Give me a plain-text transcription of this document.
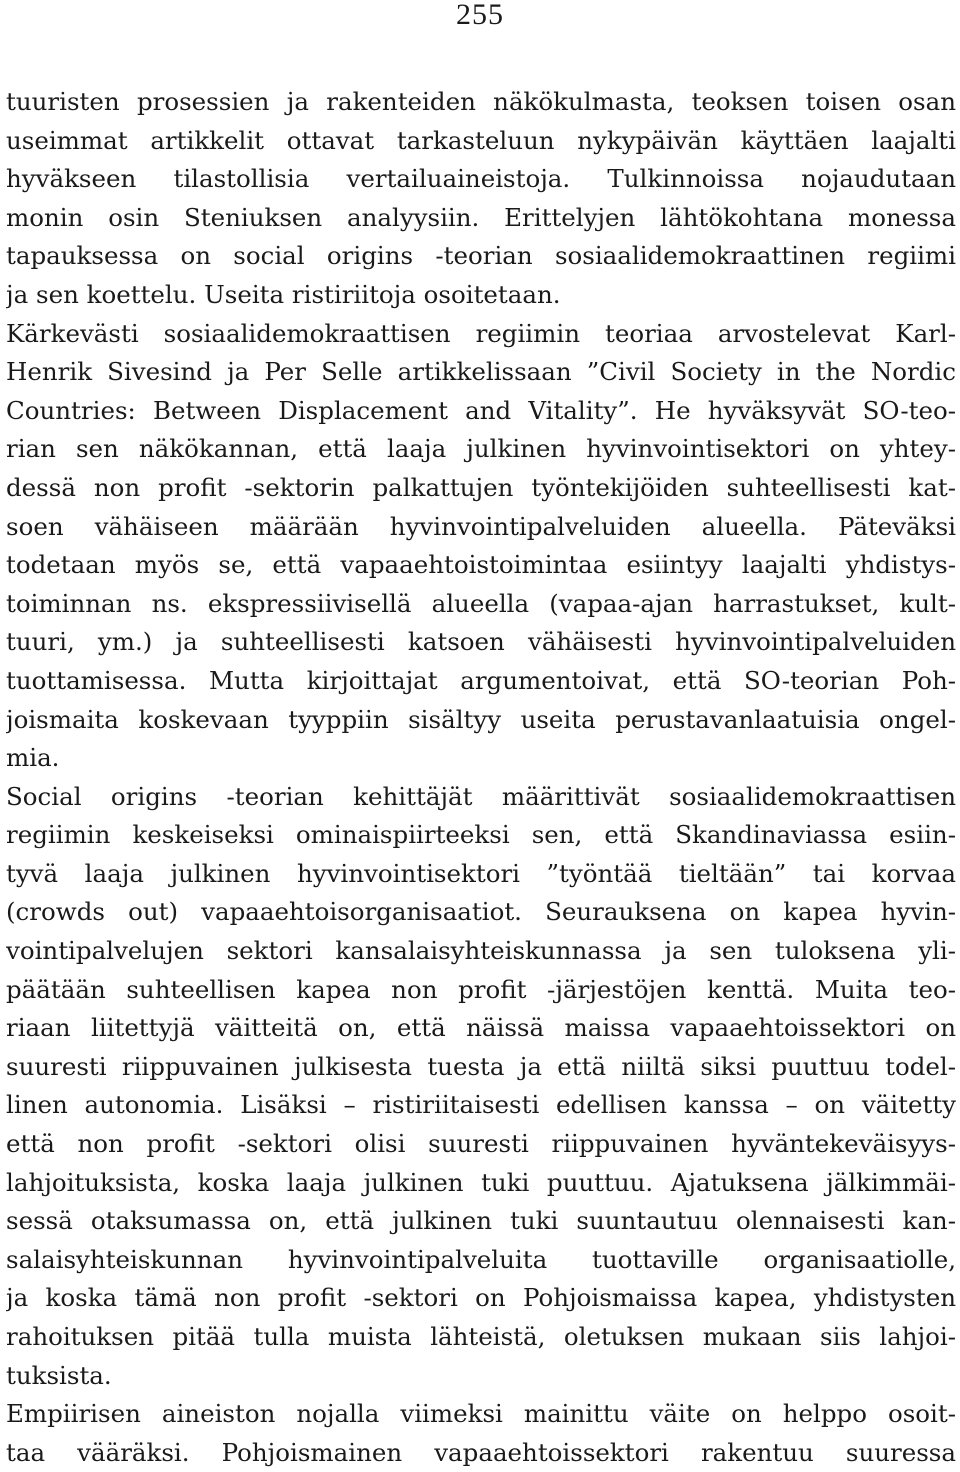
255
tuuristen prosessien ja rakenteiden näkökulmasta, teoksen toisen osan
useimmat artikkelit ottavat tarkasteluun nykypäivän käyttäen laajalti
hyväkseen tilastollisia vertailuaineistoja. Tulkinnoissa nojaudutaan
monin osin Steniuksen analyysiin. Erittelyjen lähtökohtana monessa
tapauksessa on social origins -teorian sosiaalidemokraattinen regiimi
ja sen koettelu. Useita ristiriitoja osoitetaan.
Kärkevästi sosiaalidemokraattisen regiimin teoriaa arvostelevat Karl-
Henrik Sivesind ja Per Selle artikkelissaan ”Civil Society in the Nordic
Countries: Between Displacement and Vitality”. He hyväksyvät SO-teo-
rian sen näkökannan, että laaja julkinen hyvinvointisektori on yhtey-
dessä non profit -sektorin palkattujen työntekijöiden suhteellisesti kat-
soen vähäiseen määrään hyvinvointipalveluiden alueella. Päteväksi
todetaan myös se, että vapaaehtoistoimintaa esiintyy laajalti yhdistys-
toiminnan ns. ekspressiivisellä alueella (vapaa-ajan harrastukset, kult-
tuuri, ym.) ja suhteellisesti katsoen vähäisesti hyvinvointipalveluiden
tuottamisessa. Mutta kirjoittajat argumentoivat, että SO-teorian Poh-
joismaita koskevaan tyyppiin sisältyy useita perustavanlaatuisia ongel-
mia.
Social origins -teorian kehittäjät määrittivät sosiaalidemokraattisen
regiimin keskeiseksi ominaispiirteeksi sen, että Skandinaviassa esiin-
tyvä laaja julkinen hyvinvointisektori ”työntää tieltään” tai korvaa
(crowds out) vapaaehtoisorganisaatiot. Seurauksena on kapea hyvin-
vointipalvelujen sektori kansalaisyhteiskunnassa ja sen tuloksena yli-
päätään suhteellisen kapea non profit -järjestöjen kenttä. Muita teo-
riaan liitettyjä väitteitä on, että näissä maissa vapaaehtoissektori on
suuresti riippuvainen julkisesta tuesta ja että niiltä siksi puuttuu todel-
linen autonomia. Lisäksi – ristiriitaisesti edellisen kanssa – on väitetty
että non profit -sektori olisi suuresti riippuvainen hyväntekeväisyys-
lahjoituksista, koska laaja julkinen tuki puuttuu. Ajatuksena jälkimmäi-
sessä otaksumassa on, että julkinen tuki suuntautuu olennaisesti kan-
salaisyhteiskunnan hyvinvointipalveluita tuottaville organisaatiolle,
ja koska tämä non profit -sektori on Pohjoismaissa kapea, yhdistysten
rahoituksen pitää tulla muista lähteistä, oletuksen mukaan siis lahjoi-
tuksista.
Empiirisen aineiston nojalla viimeksi mainittu väite on helppo osoit-
taa vääräksi. Pohjoismainen vapaaehtoissektori rakentuu suuressa
